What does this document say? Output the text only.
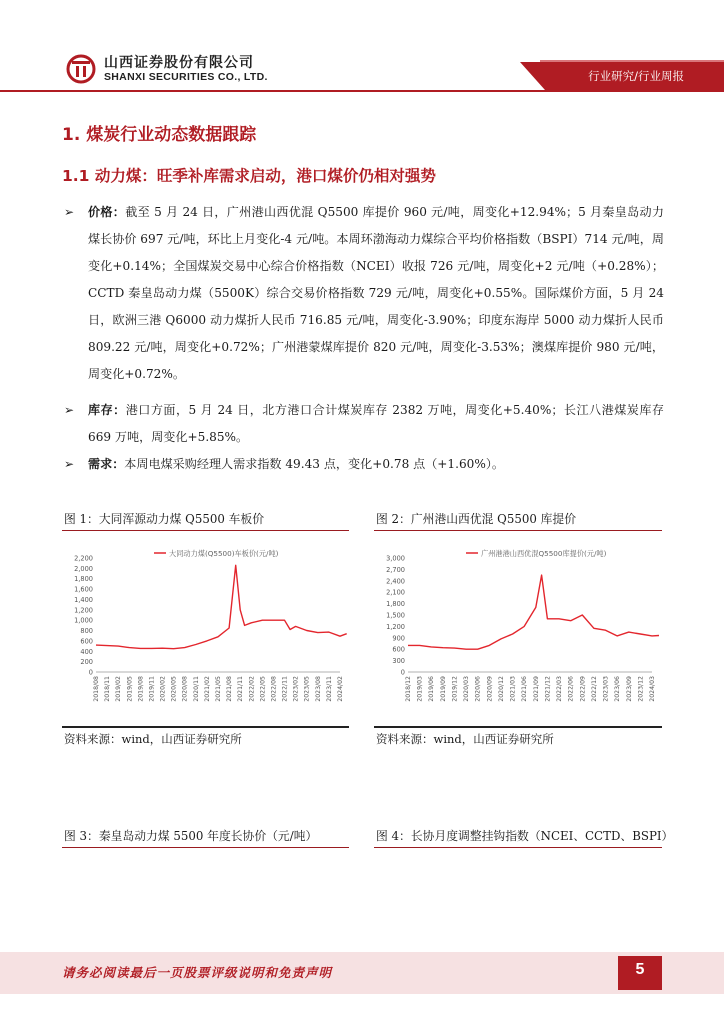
山西证券股份有限公司
SHANXI SECURITIES CO., LTD.	行业研究/行业周报
1. 煤炭行业动态数据跟踪
1.1 动力煤：旺季补库需求启动，港口煤价仍相对强势
➢	价格：截至 5 月 24 日，广州港山西优混 Q5500 库提价 960 元/吨，周变化+12.94%；5 月秦皇岛动力煤长协价 697 元/吨，环比上月变化-4 元/吨。本周环渤海动力煤综合平均价格指数（BSPI）714 元/吨，周变化+0.14%；全国煤炭交易中心综合价格指数（NCEI）收报 726 元/吨，周变化+2 元/吨（+0.28%）；CCTD 秦皇岛动力煤（5500K）综合交易价格指数 729 元/吨，周变化+0.55%。国际煤价方面，5 月 24 日，欧洲三港 Q6000 动力煤折人民币 716.85 元/吨，周变化-3.90%；印度东海岸 5000 动力煤折人民币 809.22 元/吨，周变化+0.72%；广州港蒙煤库提价 820 元/吨，周变化-3.53%；澳煤库提价 980 元/吨，周变化+0.72%。
➢	库存：港口方面，5 月 24 日，北方港口合计煤炭库存 2382 万吨，周变化+5.40%；长江八港煤炭库存 669 万吨，周变化+5.85%。
➢	需求：本周电煤采购经理人需求指数 49.43 点，变化+0.78 点（+1.60%）。
图 1：大同浑源动力煤 Q5500 车板价
大同动力煤(Q5500)车板价(元/吨)
0
200
400
600
800
1,000
1,200
1,400
1,600
1,800
2,000
2,200
2018/08 2018/11 2019/02 2019/05 2019/08 2019/11 2020/02 2020/05 2020/08 2020/11 2021/02 2021/05 2021/08 2021/11 2022/02 2022/05 2022/08 2022/11 2023/02 2023/05 2023/08 2023/11 2024/02
资料来源：wind，山西证券研究所
图 2：广州港山西优混 Q5500 库提价
广州港港山西优混Q5500库提价(元/吨)
0
300
600
900
1,200
1,500
1,800
2,100
2,400
2,700
3,000
2018/12 2019/03 2019/06 2019/09 2019/12 2020/03 2020/06 2020/09 2020/12 2021/03 2021/06 2021/09 2021/12 2022/03 2022/06 2022/09 2022/12 2023/03 2023/06 2023/09 2023/12 2024/03
资料来源：wind，山西证券研究所
图 3：秦皇岛动力煤 5500 年度长协价（元/吨）	图 4：长协月度调整挂钩指数（NCEI、CCTD、BSPI）
请务必阅读最后一页股票评级说明和免责声明	5
